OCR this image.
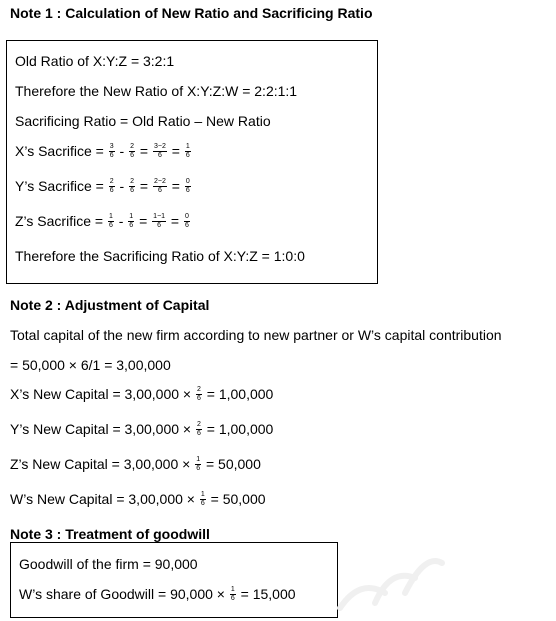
Note 1 : Calculation of New Ratio and Sacrificing Ratio
Old Ratio of X:Y:Z = 3:2:1
Therefore the New Ratio of X:Y:Z:W = 2:2:1:1
Sacrificing Ratio = Old Ratio – New Ratio
X’s Sacrifice = $\frac{3}{6} - \frac{2}{6} = \frac{3-2}{6} = \frac{1}{6}$
Y’s Sacrifice = $\frac{2}{6} - \frac{2}{6} = \frac{2-2}{6} = \frac{0}{6}$
Z’s Sacrifice = $\frac{1}{6} - \frac{1}{6} = \frac{1-1}{6} = \frac{0}{6}$
Therefore the Sacrificing Ratio of X:Y:Z = 1:0:0
Note 2 : Adjustment of Capital
Total capital of the new firm according to new partner or W’s capital contribution
= 50,000 × 6/1 = 3,00,000
X’s New Capital = $3,00,000 \times \frac{2}{6} = 1,00,000$
Y’s New Capital = $3,00,000 \times \frac{2}{6} = 1,00,000$
Z’s New Capital = $3,00,000 \times \frac{1}{6} = 50,000$
W’s New Capital = $3,00,000 \times \frac{1}{6} = 50,000$
Note 3 : Treatment of goodwill
Goodwill of the firm = 90,000
W’s share of Goodwill = $90,000 \times \frac{1}{6} = 15,000$
